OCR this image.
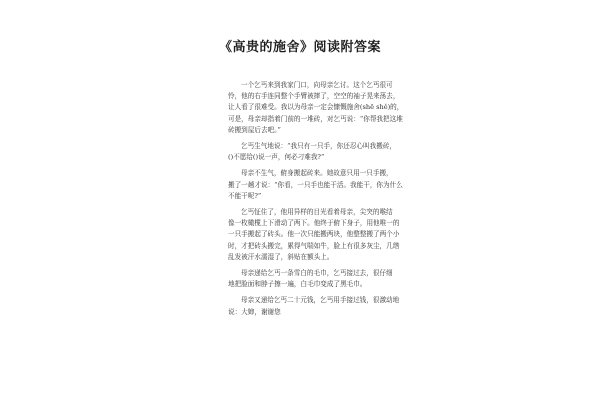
《高贵的施舍》阅读附答案

一个乞丐来到我家门口，向母亲乞讨。这个乞丐很可
怜，他的右手连同整个手臂被摔了，空空的袖子晃来荡去，
让人看了很难受。我以为母亲一定会慷慨施舍(shē shě)的，
可是，母亲却指着门前的一堆砖，对乞丐说：“你帮我把这堆
砖搬到屋后去吧。”

乞丐生气地说：“我只有一只手，你还忍心叫我搬砖，
()不愿给()说一声，何必刁难我?”

母亲不生气，俯身搬起砖来。她故意只用一只手搬，
搬了一趟才说：“你看，一只手也能干活。我能干，你为什么
不能干呢?”

乞丐怔住了，他用异样的目光看着母亲，尖突的喉结
像一枚橄榄上下滑动了两下。他终于俯下身子，用他唯一的
一只手搬起了砖头。他一次只能搬两块，他整整搬了两个小
时，才把砖头搬完，累得气喘如牛，脸上有很多灰尘，几绺
乱发被汗水濡湿了，斜贴在额头上。

母亲递给乞丐一条雪白的毛巾，乞丐接过去，很仔细
地把脸面和脖子擦一遍，白毛巾变成了黑毛巾。

母亲又递给乞丐二十元钱，乞丐用手接过钱，很激动地
说：大婶，谢谢您
